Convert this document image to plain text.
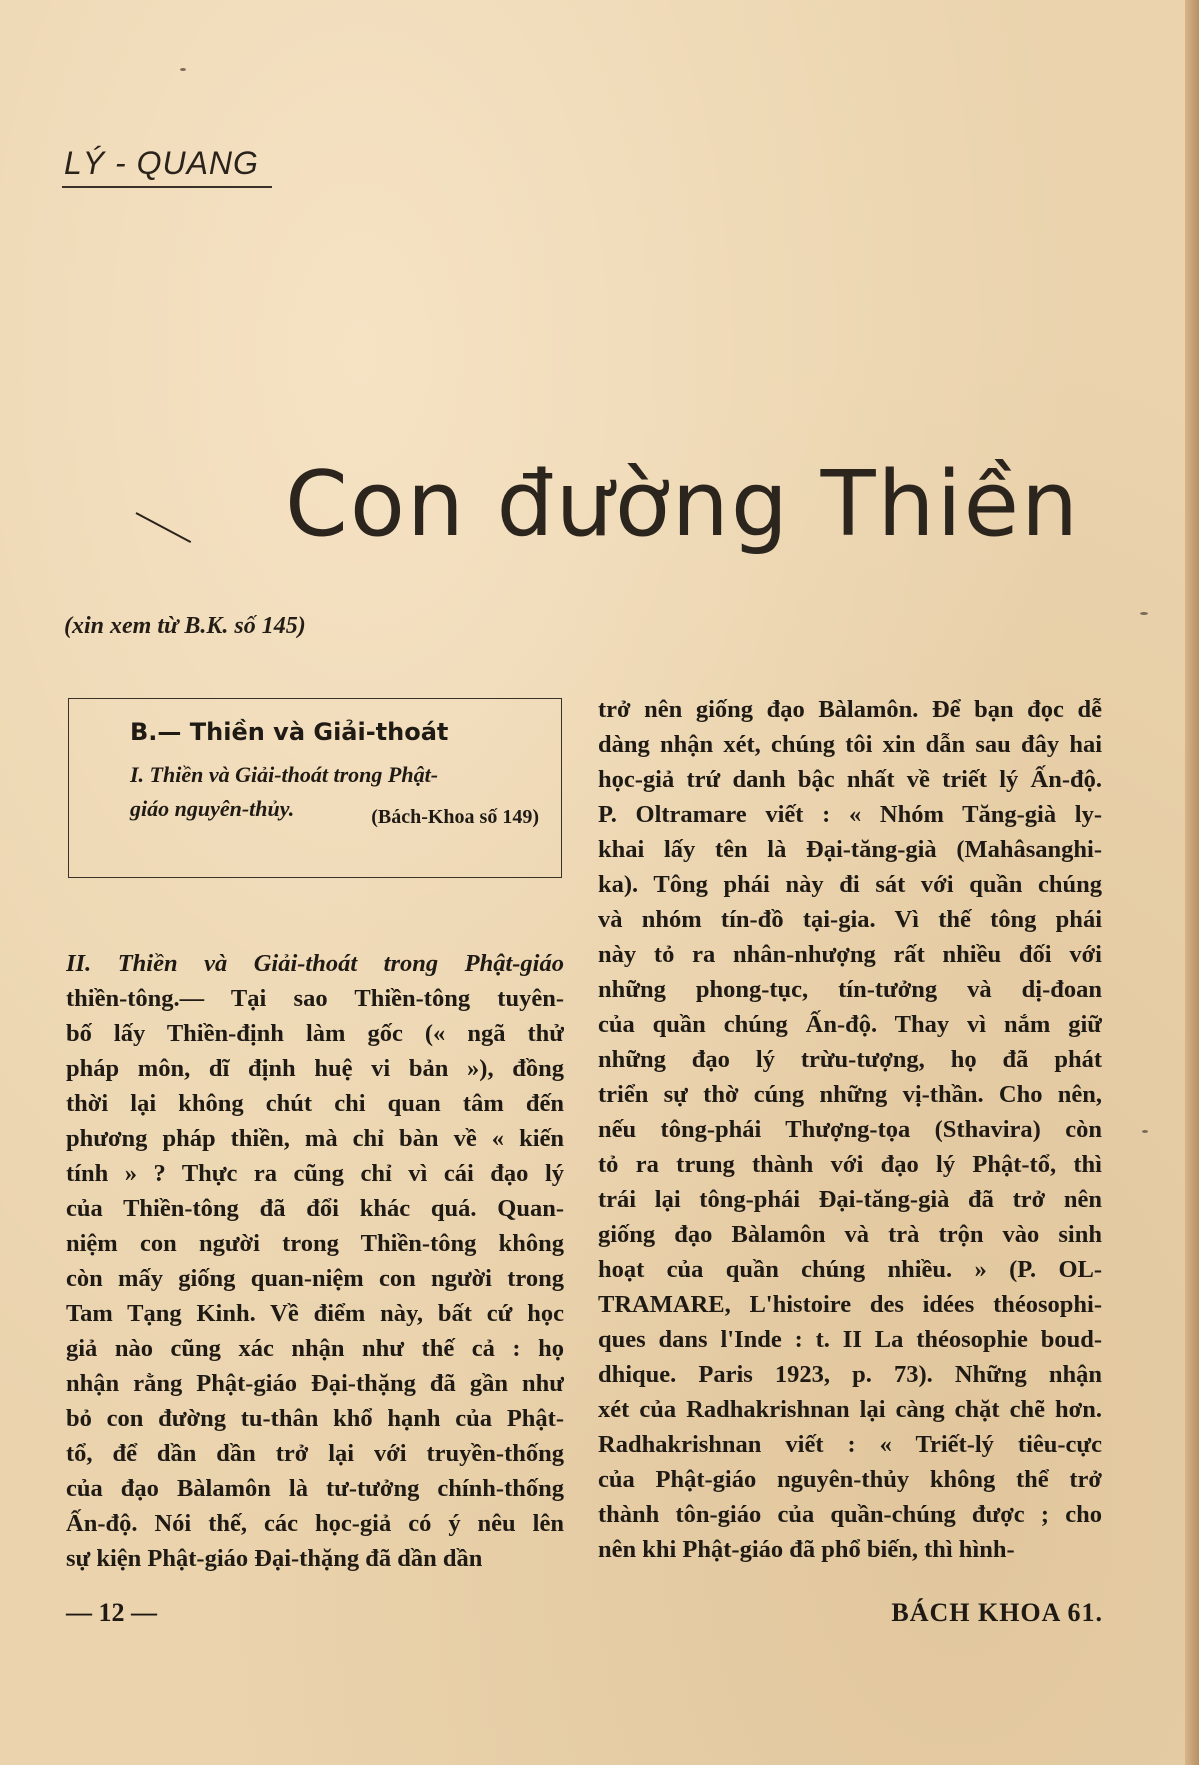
LÝ - QUANG
Con đường Thiền
(xin xem từ B.K. số 145)
B.— Thiền và Giải-thoát
I. Thiền và Giải-thoát trong Phật-
giáo nguyên-thủy.	(Bách-Khoa số 149)
II. Thiền và Giải-thoát trong Phật-giáo
thiền-tông.— Tại sao Thiền-tông tuyên-
bố lấy Thiền-định làm gốc (« ngã thử
pháp môn, dĩ định huệ vi bản »), đồng
thời lại không chút chi quan tâm đến
phương pháp thiền, mà chỉ bàn về « kiến
tính » ? Thực ra cũng chỉ vì cái đạo lý
của Thiền-tông đã đổi khác quá. Quan-
niệm con người trong Thiền-tông không
còn mấy giống quan-niệm con người trong
Tam Tạng Kinh. Về điểm này, bất cứ học
giả nào cũng xác nhận như thế cả : họ
nhận rằng Phật-giáo Đại-thặng đã gần như
bỏ con đường tu-thân khổ hạnh của Phật-
tổ, để dần dần trở lại với truyền-thống
của đạo Bàlamôn là tư-tưởng chính-thống
Ấn-độ. Nói thế, các học-giả có ý nêu lên
sự kiện Phật-giáo Đại-thặng đã dần dần
trở nên giống đạo Bàlamôn. Để bạn đọc dễ
dàng nhận xét, chúng tôi xin dẫn sau đây hai
học-giả trứ danh bậc nhất về triết lý Ấn-độ.
P. Oltramare viết : « Nhóm Tăng-già ly-
khai lấy tên là Đại-tăng-già (Mahâsanghi-
ka). Tông phái này đi sát với quần chúng
và nhóm tín-đồ tại-gia. Vì thế tông phái
này tỏ ra nhân-nhượng rất nhiều đối với
những phong-tục, tín-tưởng và dị-đoan
của quần chúng Ấn-độ. Thay vì nắm giữ
những đạo lý trừu-tượng, họ đã phát
triển sự thờ cúng những vị-thần. Cho nên,
nếu tông-phái Thượng-tọa (Sthavira) còn
tỏ ra trung thành với đạo lý Phật-tổ, thì
trái lại tông-phái Đại-tăng-già đã trở nên
giống đạo Bàlamôn và trà trộn vào sinh
hoạt của quần chúng nhiều. » (P. OL-
TRAMARE, L'histoire des idées théosophi-
ques dans l'Inde : t. II La théosophie boud-
dhique. Paris 1923, p. 73). Những nhận
xét của Radhakrishnan lại càng chặt chẽ hơn.
Radhakrishnan viết : « Triết-lý tiêu-cực
của Phật-giáo nguyên-thủy không thể trở
thành tôn-giáo của quần-chúng được ; cho
nên khi Phật-giáo đã phổ biến, thì hình-
— 12 —	BÁCH KHOA 61.
